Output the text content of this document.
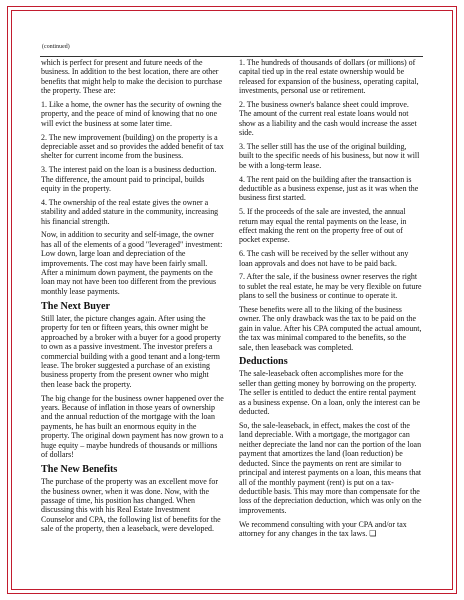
(continued)

which is perfect for present and future needs of the business. In addition to the best location, there are other benefits that might help to make the decision to purchase the property. These are:

1. Like a home, the owner has the security of owning the property, and the peace of mind of knowing that no one will evict the business at some later time.

2. The new improvement (building) on the property is a depreciable asset and so provides the added benefit of tax shelter for current income from the business.

3. The interest paid on the loan is a business deduction. The difference, the amount paid to principal, builds equity in the property.

4. The ownership of the real estate gives the owner a stability and added stature in the community, increasing his financial strength.

Now, in addition to security and self-image, the owner has all of the elements of a good "leveraged" investment: Low down, large loan and depreciation of the improvements. The cost may have been fairly small. After a minimum down payment, the payments on the loan may not have been too different from the previous monthly lease payments.

The Next Buyer

Still later, the picture changes again. After using the property for ten or fifteen years, this owner might be approached by a broker with a buyer for a good property to own as a passive investment. The investor prefers a commercial building with a good tenant and a long-term lease. The broker suggested a purchase of an existing business property from the present owner who might then lease back the property.

The big change for the business owner happened over the years. Because of inflation in those years of ownership and the annual reduction of the mortgage with the loan payments, he has built an enormous equity in the property. The original down payment has now grown to a huge equity – maybe hundreds of thousands or millions of dollars!

The New Benefits

The purchase of the property was an excellent move for the business owner, when it was done. Now, with the passage of time, his position has changed. When discussing this with his Real Estate Investment Counselor and CPA, the following list of benefits for the sale of the property, then a leaseback, were developed.

1. The hundreds of thousands of dollars (or millions) of capital tied up in the real estate ownership would be released for expansion of the business, operating capital, investments, personal use or retirement.

2. The business owner's balance sheet could improve. The amount of the current real estate loans would not show as a liability and the cash would increase the asset side.

3. The seller still has the use of the original building, built to the specific needs of his business, but now it will be with a long-term lease.

4. The rent paid on the building after the transaction is deductible as a business expense, just as it was when the business first started.

5. If the proceeds of the sale are invested, the annual return may equal the rental payments on the lease, in effect making the rent on the property free of out of pocket expense.

6. The cash will be received by the seller without any loan approvals and does not have to be paid back.

7. After the sale, if the business owner reserves the right to sublet the real estate, he may be very flexible on future plans to sell the business or continue to operate it.

These benefits were all to the liking of the business owner. The only drawback was the tax to be paid on the gain in value. After his CPA computed the actual amount, the tax was minimal compared to the benefits, so the sale, then leaseback was completed.

Deductions

The sale-leaseback often accomplishes more for the seller than getting money by borrowing on the property. The seller is entitled to deduct the entire rental payment as a business expense. On a loan, only the interest can be deducted.

So, the sale-leaseback, in effect, makes the cost of the land depreciable. With a mortgage, the mortgagor can neither depreciate the land nor can the portion of the loan payment that amortizes the land (loan reduction) be deducted. Since the payments on rent are similar to principal and interest payments on a loan, this means that all of the monthly payment (rent) is put on a tax-deductible basis. This may more than compensate for the loss of the depreciation deduction, which was only on the improvements.

We recommend consulting with your CPA and/or tax attorney for any changes in the tax laws. ❏
